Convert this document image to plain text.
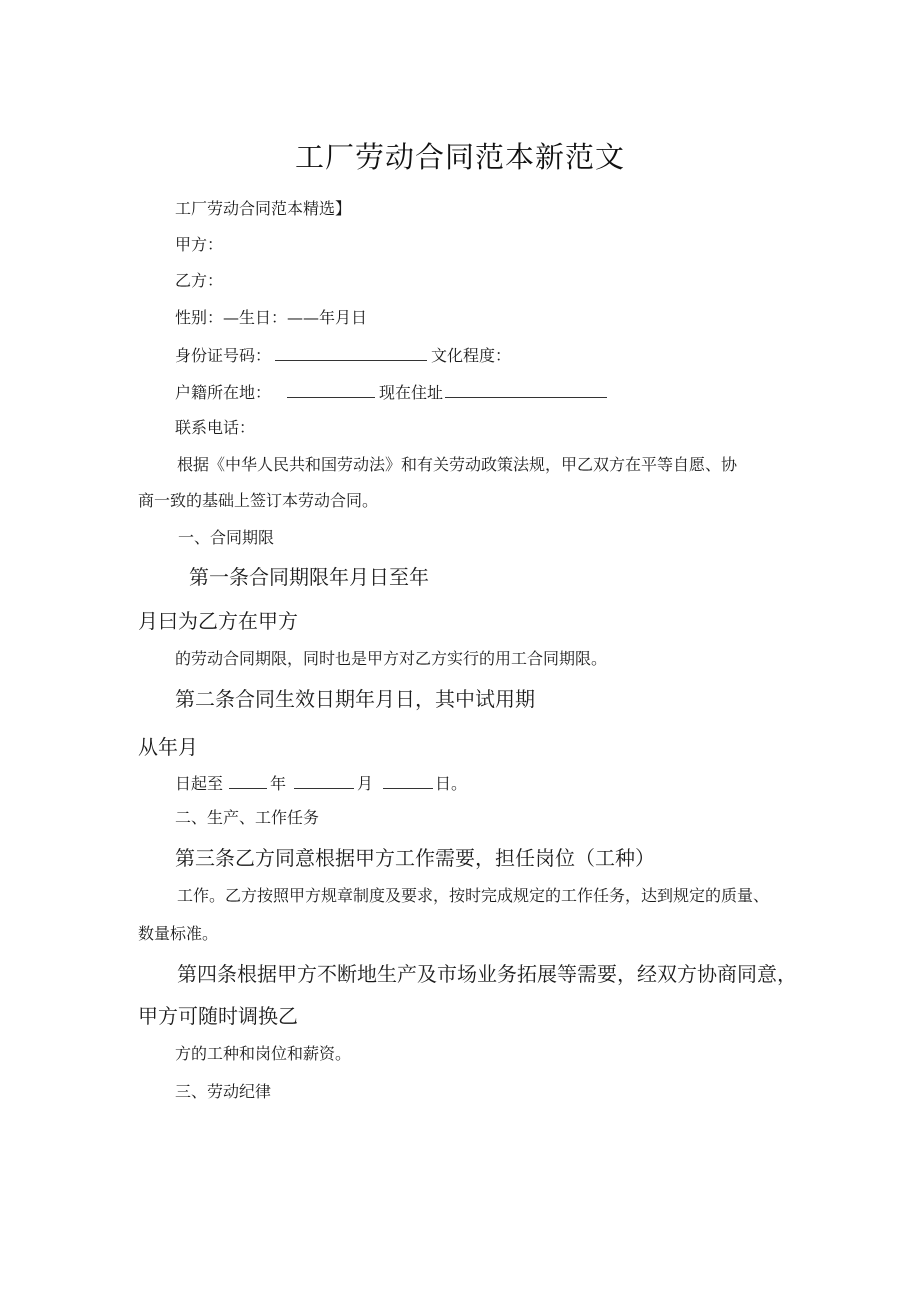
工厂劳动合同范本新范文
工厂劳动合同范本精选】
甲方：
乙方：
性别：—生日：——年月日
身份证号码：	文化程度：
户籍所在地：	现在住址
联系电话：
根据《中华人民共和国劳动法》和有关劳动政策法规，甲乙双方在平等自愿、协
商一致的基础上签订本劳动合同。
一、合同期限
第一条合同期限年月日至年
月曰为乙方在甲方
的劳动合同期限，同时也是甲方对乙方实行的用工合同期限。
第二条合同生效日期年月日，其中试用期
从年月
日起至	年	月	日。
二、生产、工作任务
第三条乙方同意根据甲方工作需要，担任岗位（工种）
工作。乙方按照甲方规章制度及要求，按时完成规定的工作任务，达到规定的质量、
数量标准。
第四条根据甲方不断地生产及市场业务拓展等需要，经双方协商同意，
甲方可随时调换乙
方的工种和岗位和薪资。
三、劳动纪律
